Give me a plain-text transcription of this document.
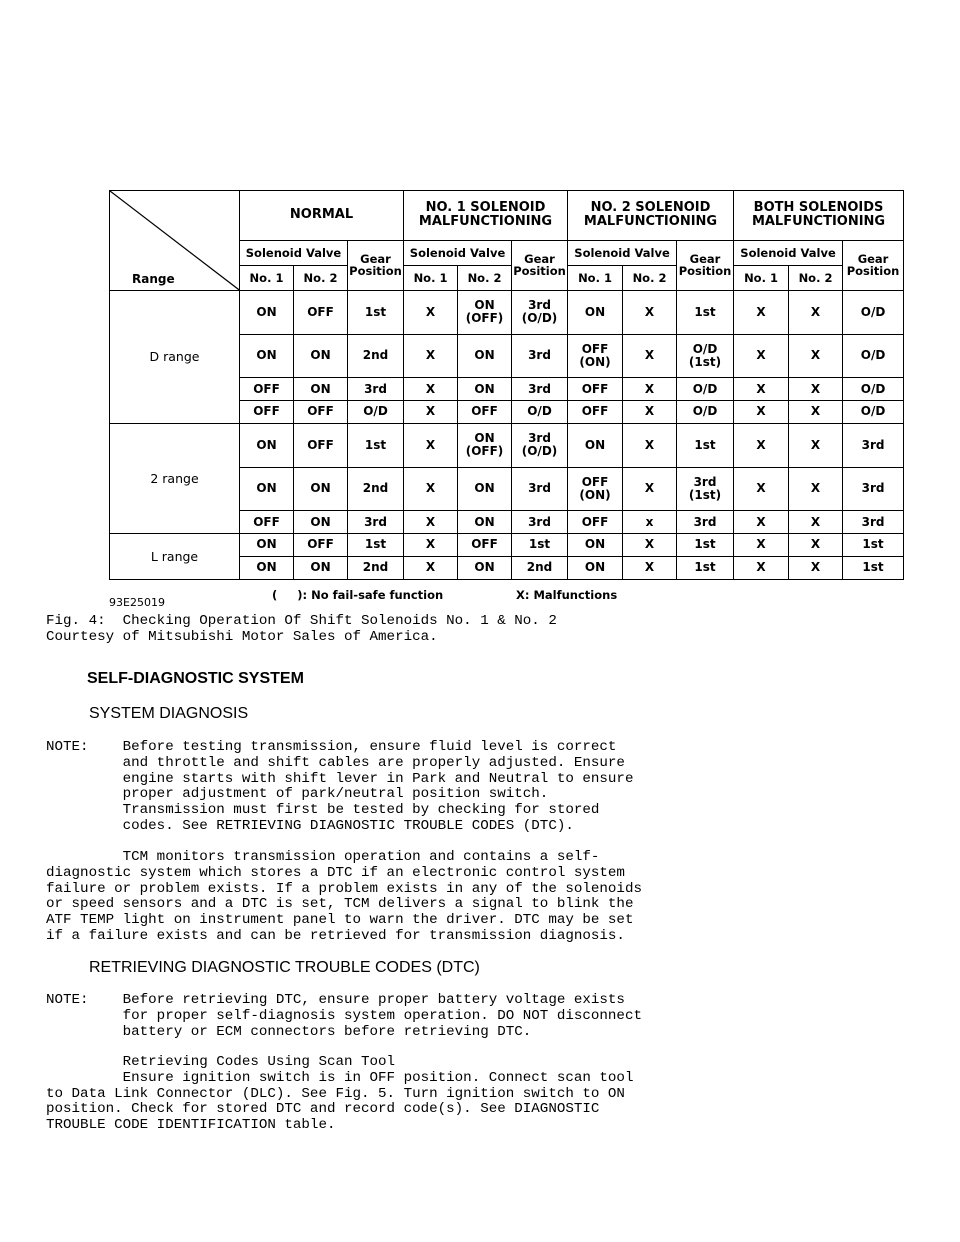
Range	NORMAL			NO. 1 SOLENOID MALFUNCTIONING			NO. 2 SOLENOID MALFUNCTIONING			BOTH SOLENOIDS MALFUNCTIONING		
	Solenoid Valve		Gear Position	Solenoid Valve		Gear Position	Solenoid Valve		Gear Position	Solenoid Valve		Gear Position
	No. 1	No. 2		No. 1	No. 2		No. 1	No. 2		No. 1	No. 2	
D range	ON	OFF	1st	X	ON (OFF)	3rd (O/D)	ON	X	1st	X	X	O/D
	ON	ON	2nd	X	ON	3rd	OFF (ON)	X	O/D (1st)	X	X	O/D
	OFF	ON	3rd	X	ON	3rd	OFF	X	O/D	X	X	O/D
	OFF	OFF	O/D	X	OFF	O/D	OFF	X	O/D	X	X	O/D
2 range	ON	OFF	1st	X	ON (OFF)	3rd (O/D)	ON	X	1st	X	X	3rd
	ON	ON	2nd	X	ON	3rd	OFF (ON)	X	3rd (1st)	X	X	3rd
	OFF	ON	3rd	X	ON	3rd	OFF	x	3rd	X	X	3rd
L range	ON	OFF	1st	X	OFF	1st	ON	X	1st	X	X	1st
	ON	ON	2nd	X	ON	2nd	ON	X	1st	X	X	1st
93E25019
(     ): No fail-safe function	X: Malfunctions
Fig. 4:  Checking Operation Of Shift Solenoids No. 1 & No. 2
Courtesy of Mitsubishi Motor Sales of America.
SELF-DIAGNOSTIC SYSTEM
SYSTEM DIAGNOSIS
NOTE:    Before testing transmission, ensure fluid level is correct
and throttle and shift cables are properly adjusted. Ensure
engine starts with shift lever in Park and Neutral to ensure
proper adjustment of park/neutral position switch.
Transmission must first be tested by checking for stored
codes. See RETRIEVING DIAGNOSTIC TROUBLE CODES (DTC).
TCM monitors transmission operation and contains a self-
diagnostic system which stores a DTC if an electronic control system
failure or problem exists. If a problem exists in any of the solenoids
or speed sensors and a DTC is set, TCM delivers a signal to blink the
ATF TEMP light on instrument panel to warn the driver. DTC may be set
if a failure exists and can be retrieved for transmission diagnosis.
RETRIEVING DIAGNOSTIC TROUBLE CODES (DTC)
NOTE:    Before retrieving DTC, ensure proper battery voltage exists
for proper self-diagnosis system operation. DO NOT disconnect
battery or ECM connectors before retrieving DTC.
Retrieving Codes Using Scan Tool
Ensure ignition switch is in OFF position. Connect scan tool
to Data Link Connector (DLC). See Fig. 5. Turn ignition switch to ON
position. Check for stored DTC and record code(s). See DIAGNOSTIC
TROUBLE CODE IDENTIFICATION table.
